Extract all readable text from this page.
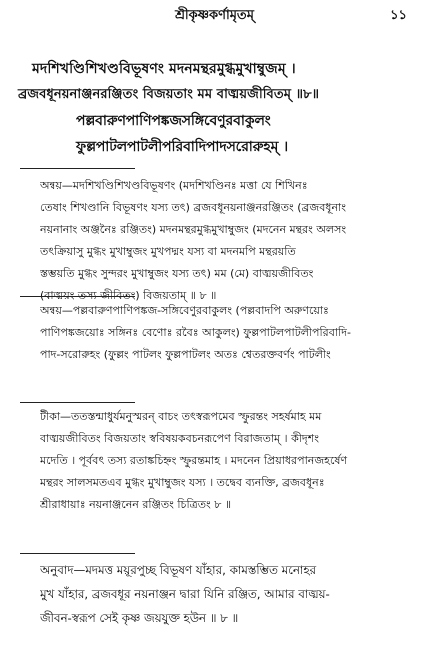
শ্রীকৃষ্ণকর্ণামৃতম্‌	১১
মদশিখণ্ডিশিখণ্ডবিভূষণং মদনমন্থরমুগ্ধমুখাম্বুজম্ ।
ব্রজবধূনয়নাঞ্জনরঞ্জিতং বিজয়তাং মম বাঙ্ময়জীবিতম্ ॥৮॥
পল্লবারুণপাণিপঙ্কজসঙ্গিবেণুরবাকুলং
ফুল্লপাটলপাটলীপরিবাদিপাদসরোরুহম্ ।
অন্বয়—মদশিখণ্ডিশিখণ্ডবিভূষণং (মদশিখণ্ডিনঃ মত্তা যে শিখিনঃ
তেষাং শিখণ্ডানি বিভূষণং যস্য তৎ) ব্রজবধূনয়নাঞ্জনরঞ্জিতং (ব্রজবধূনাং
নয়নানাং অঞ্জনৈঃ রঞ্জিতং) মদনমন্থরমুগ্ধমুখাম্বুজং (মদনেন মন্থরং অলসং
তৎক্রিয়াসু মুগ্ধং মুখাম্বুজং মুখপদ্মং যস্য বা মদনমপি মন্থরয়তি
স্তম্ভয়তি মুগ্ধং সুন্দরং মুখাম্বুজং যস্য তৎ) মম (মে) বাঙ্ময়জীবিতং
(বাঙ্ময়ং তস্য জীবিতং) বিজয়তাম্ ॥ ৮ ॥
অন্বয়—পল্লবারুণপাণিপঙ্কজ-সঙ্গিবেণুরবাকুলং (পল্লবাদপি অরুণয়োঃ
পাণিপঙ্কজয়োঃ সঙ্গিনঃ বেণোঃ রবৈঃ আকুলং) ফুল্লপাটলপাটলীপরিবাদি-
পাদ-সরোরুহং (ফুল্লং পাটলং ফুল্লপাটলং অতঃ শ্বেতরক্তবর্ণং পাটলীং
টীকা—ততস্তন্মাধুর্যমনুস্মরন্ বাচং তৎস্বরূপমেব স্ফুরন্তং সহর্ষমাহ মম
বাঙ্ময়জীবিতং বিজয়তাং স্ববিষয়কবচনরূপেণ বিরাজতাম্ । কীদৃশং
মদেতি । পূর্ববৎ তস্য রতাঙ্কচিহ্নং স্ফুরন্তমাহ । মদনেন প্রিয়াধরপানজহর্ষেণ
মন্থরং সালসমতএব মুগ্ধং মুখাম্বুজং যস্য । তদ্বেব ব্যনক্তি, ব্রজবধূনঃ
শ্রীরাধায়াঃ নয়নাঞ্জনেন রঞ্জিতং চিত্রিতং ৮ ॥
অনুবাদ—মদমত্ত ময়ূরপুচ্ছ বিভূষণ যাঁহার, কামস্তম্ভিত মনোহর
মুখ যাঁহার, ব্রজবধূর নয়নাঞ্জন দ্বারা যিনি রঞ্জিত, আমার বাঙ্ময়-
জীবন-স্বরূপ সেই কৃষ্ণ জয়যুক্ত হউন ॥ ৮ ॥
